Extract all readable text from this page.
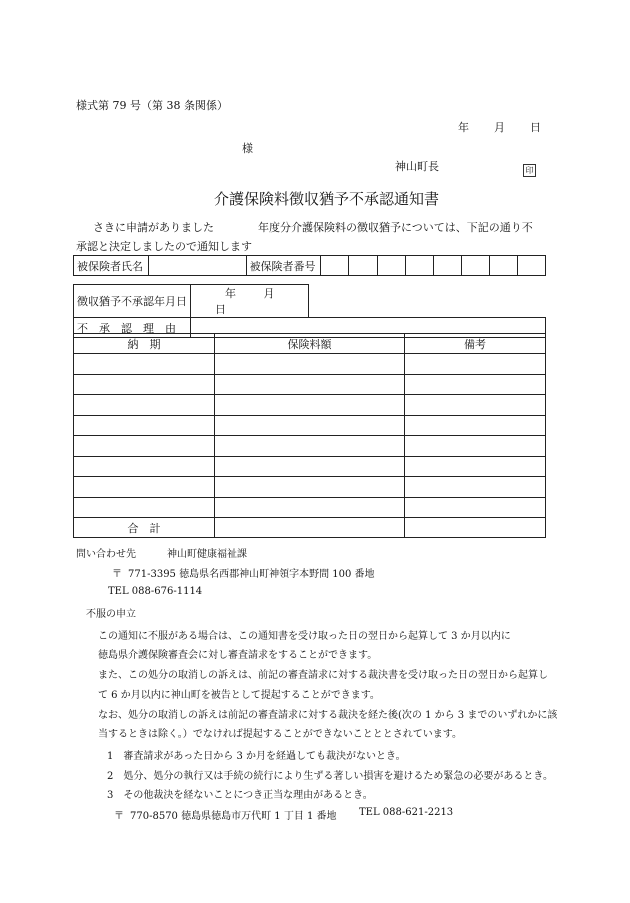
様式第 79 号（第 38 条関係）
年 月 日
様
神山町長	印
介護保険料徴収猶予不承認通知書
さきに申請がありました	年度分介護保険料の徴収猶予については、下記の通り不
承認と決定しましたので通知します
被保険者氏名		被保険者番号								
徴収猶予不承認年月日	年 月 日	
不　承　認　理　由		
納　期	保険料額	備考

合　計		
問い合わせ先	神山町健康福祉課
〒 771-3395 徳島県名西郡神山町神領字本野間 100 番地
TEL 088-676-1114
不服の申立
この通知に不服がある場合は、この通知書を受け取った日の翌日から起算して 3 か月以内に
徳島県介護保険審査会に対し審査請求をすることができます。
また、この処分の取消しの訴えは、前記の審査請求に対する裁決書を受け取った日の翌日から起算し
て 6 か月以内に神山町を被告として提起することができます。
なお、処分の取消しの訴えは前記の審査請求に対する裁決を経た後(次の 1 から 3 までのいずれかに該
当するときは除く。）でなければ提起することができないことととされています。
1　審査請求があった日から 3 か月を経過しても裁決がないとき。
2　処分、処分の執行又は手続の続行により生ずる著しい損害を避けるため緊急の必要があるとき。
3　その他裁決を経ないことにつき正当な理由があるとき。
〒 770-8570 徳島県徳島市万代町 1 丁目 1 番地 TEL 088-621-2213
